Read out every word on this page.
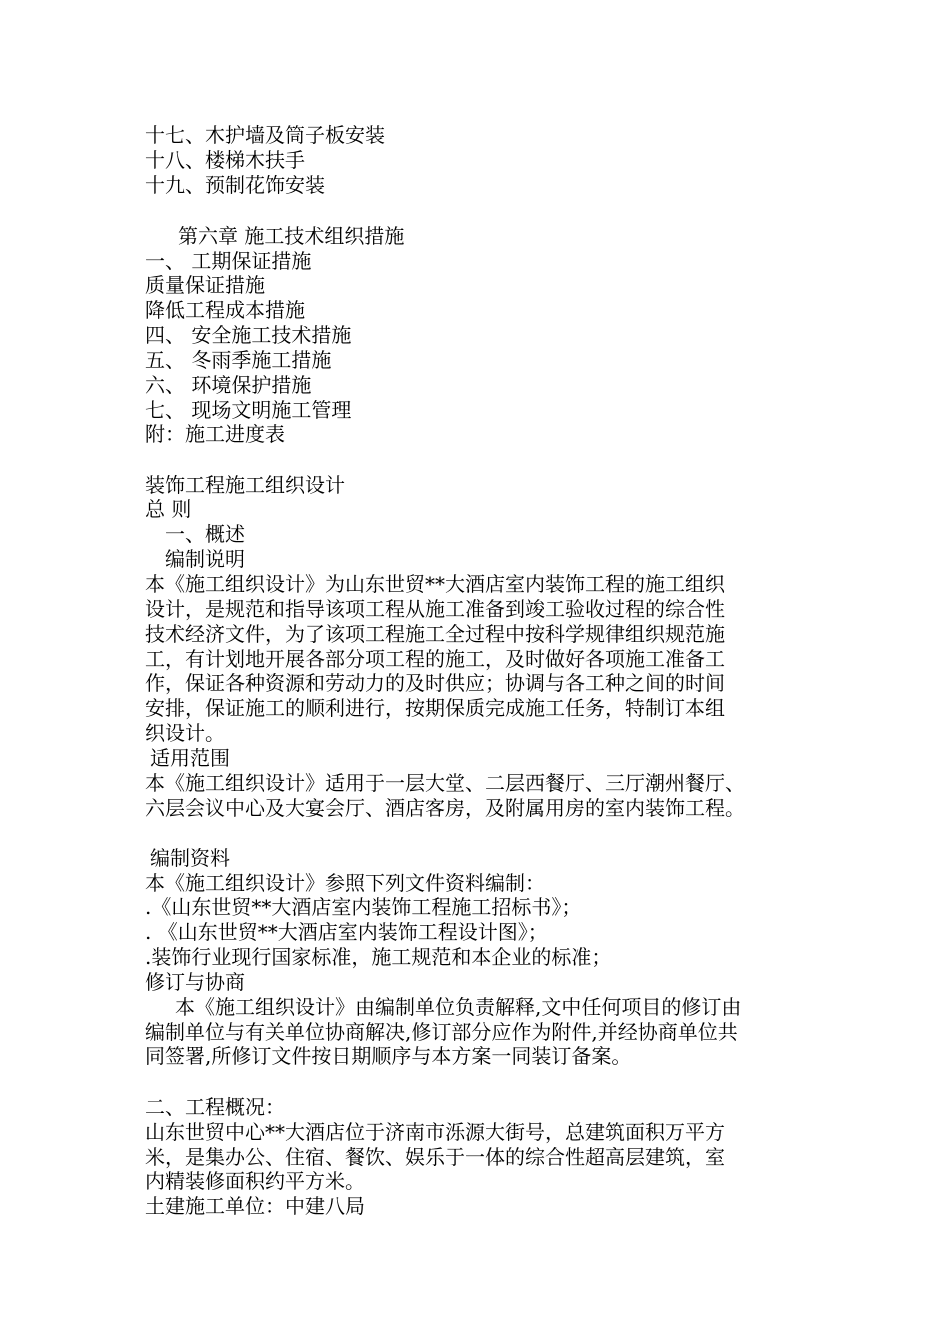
十七、木护墙及筒子板安装
十八、楼梯木扶手
十九、预制花饰安装
第六章 施工技术组织措施
一、 工期保证措施
质量保证措施
降低工程成本措施
四、 安全施工技术措施
五、 冬雨季施工措施
六、 环境保护措施
七、 现场文明施工管理
附：施工进度表
装饰工程施工组织设计
总 则
一、概述
编制说明
本《施工组织设计》为山东世贸**大酒店室内装饰工程的施工组织
设计，是规范和指导该项工程从施工准备到竣工验收过程的综合性
技术经济文件，为了该项工程施工全过程中按科学规律组织规范施
工，有计划地开展各部分项工程的施工，及时做好各项施工准备工
作，保证各种资源和劳动力的及时供应；协调与各工种之间的时间
安排，保证施工的顺利进行，按期保质完成施工任务，特制订本组
织设计。
适用范围
本《施工组织设计》适用于一层大堂、二层西餐厅、三厅潮州餐厅、
六层会议中心及大宴会厅、酒店客房，及附属用房的室内装饰工程。
编制资料
本《施工组织设计》参照下列文件资料编制：
.《山东世贸**大酒店室内装饰工程施工招标书》；
. 《山东世贸**大酒店室内装饰工程设计图》；
.装饰行业现行国家标准，施工规范和本企业的标准；
修订与协商
本《施工组织设计》由编制单位负责解释,文中任何项目的修订由
编制单位与有关单位协商解决,修订部分应作为附件,并经协商单位共
同签署,所修订文件按日期顺序与本方案一同装订备案。
二、工程概况：
山东世贸中心**大酒店位于济南市泺源大街号，总建筑面积万平方
米，是集办公、住宿、餐饮、娱乐于一体的综合性超高层建筑，室
内精装修面积约平方米。
土建施工单位：中建八局
